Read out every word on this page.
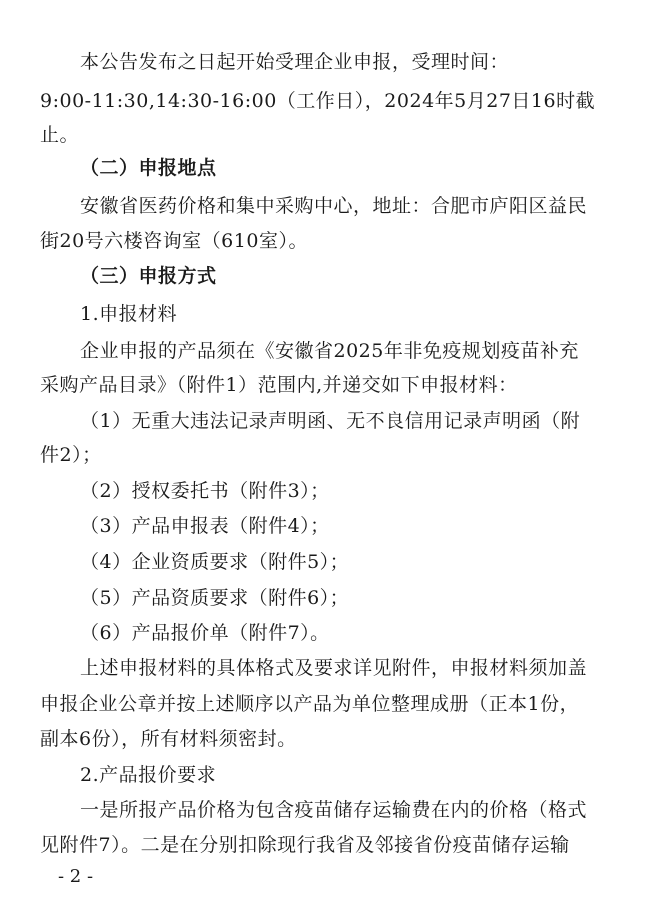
本公告发布之日起开始受理企业申报，受理时间：
9:00-11:30,14:30-16:00（工作日），2024年5月27日16时截
止。
（二）申报地点
安徽省医药价格和集中采购中心，地址：合肥市庐阳区益民
街20号六楼咨询室（610室）。
（三）申报方式
1.申报材料
企业申报的产品须在《安徽省2025年非免疫规划疫苗补充
采购产品目录》（附件1）范围内,并递交如下申报材料：
（1）无重大违法记录声明函、无不良信用记录声明函（附
件2）；
（2）授权委托书（附件3）；
（3）产品申报表（附件4）；
（4）企业资质要求（附件5）；
（5）产品资质要求（附件6）；
（6）产品报价单（附件7）。
上述申报材料的具体格式及要求详见附件，申报材料须加盖
申报企业公章并按上述顺序以产品为单位整理成册（正本1份，
副本6份），所有材料须密封。
2.产品报价要求
一是所报产品价格为包含疫苗储存运输费在内的价格（格式
见附件7）。二是在分别扣除现行我省及邻接省份疫苗储存运输
- 2 -
